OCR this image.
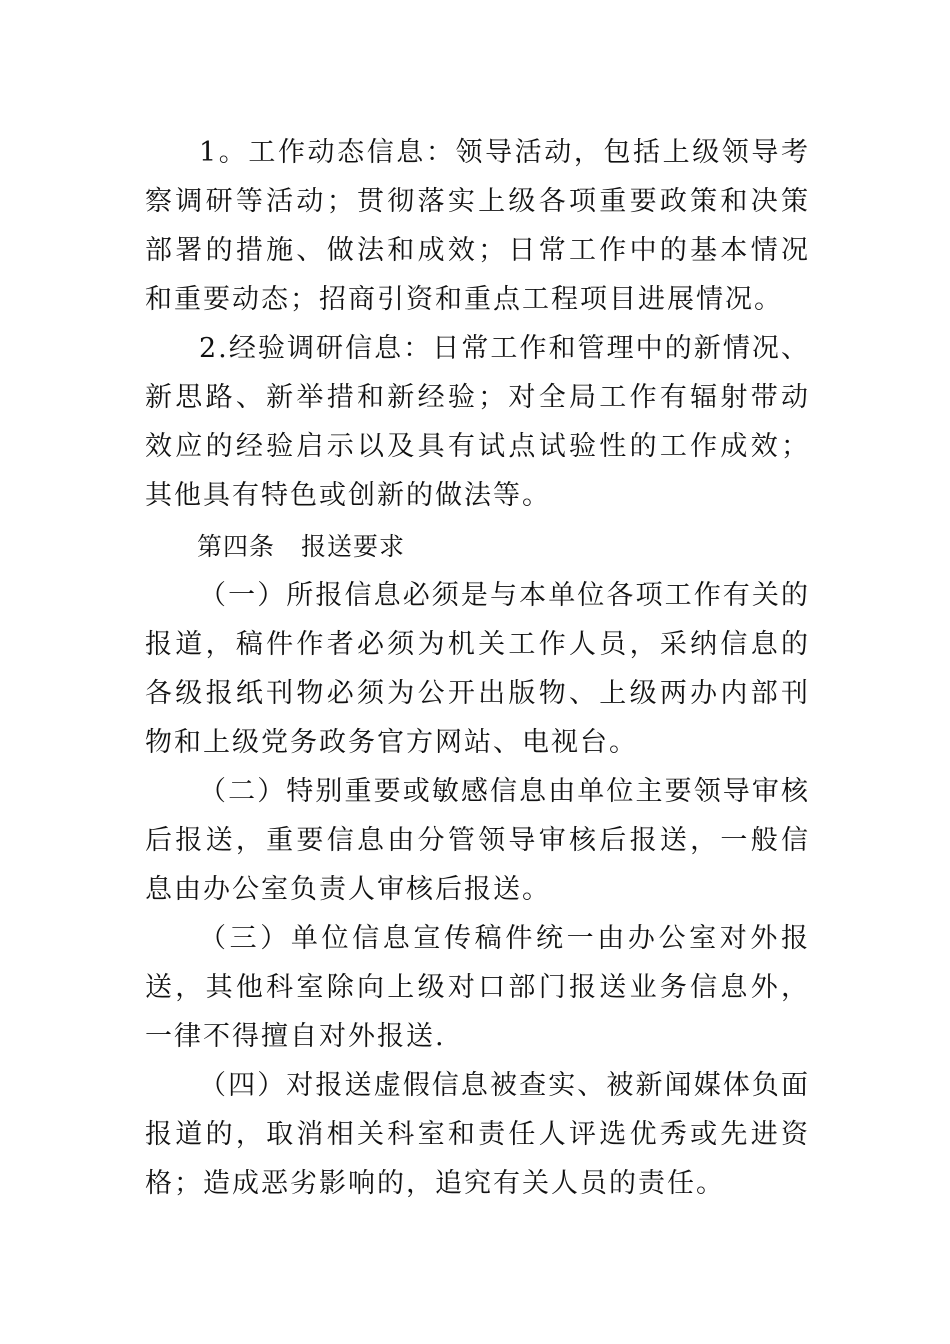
1。工作动态信息：领导活动，包括上级领导考察调研等活动；贯彻落实上级各项重要政策和决策部署的措施、做法和成效；日常工作中的基本情况和重要动态；招商引资和重点工程项目进展情况。

2.经验调研信息：日常工作和管理中的新情况、新思路、新举措和新经验；对全局工作有辐射带动效应的经验启示以及具有试点试验性的工作成效；其他具有特色或创新的做法等。

第四条　报送要求

（一）所报信息必须是与本单位各项工作有关的报道，稿件作者必须为机关工作人员，采纳信息的各级报纸刊物必须为公开出版物、上级两办内部刊物和上级党务政务官方网站、电视台。

（二）特别重要或敏感信息由单位主要领导审核后报送，重要信息由分管领导审核后报送，一般信息由办公室负责人审核后报送。

（三）单位信息宣传稿件统一由办公室对外报送，其他科室除向上级对口部门报送业务信息外，一律不得擅自对外报送.

（四）对报送虚假信息被查实、被新闻媒体负面报道的，取消相关科室和责任人评选优秀或先进资格；造成恶劣影响的，追究有关人员的责任。
